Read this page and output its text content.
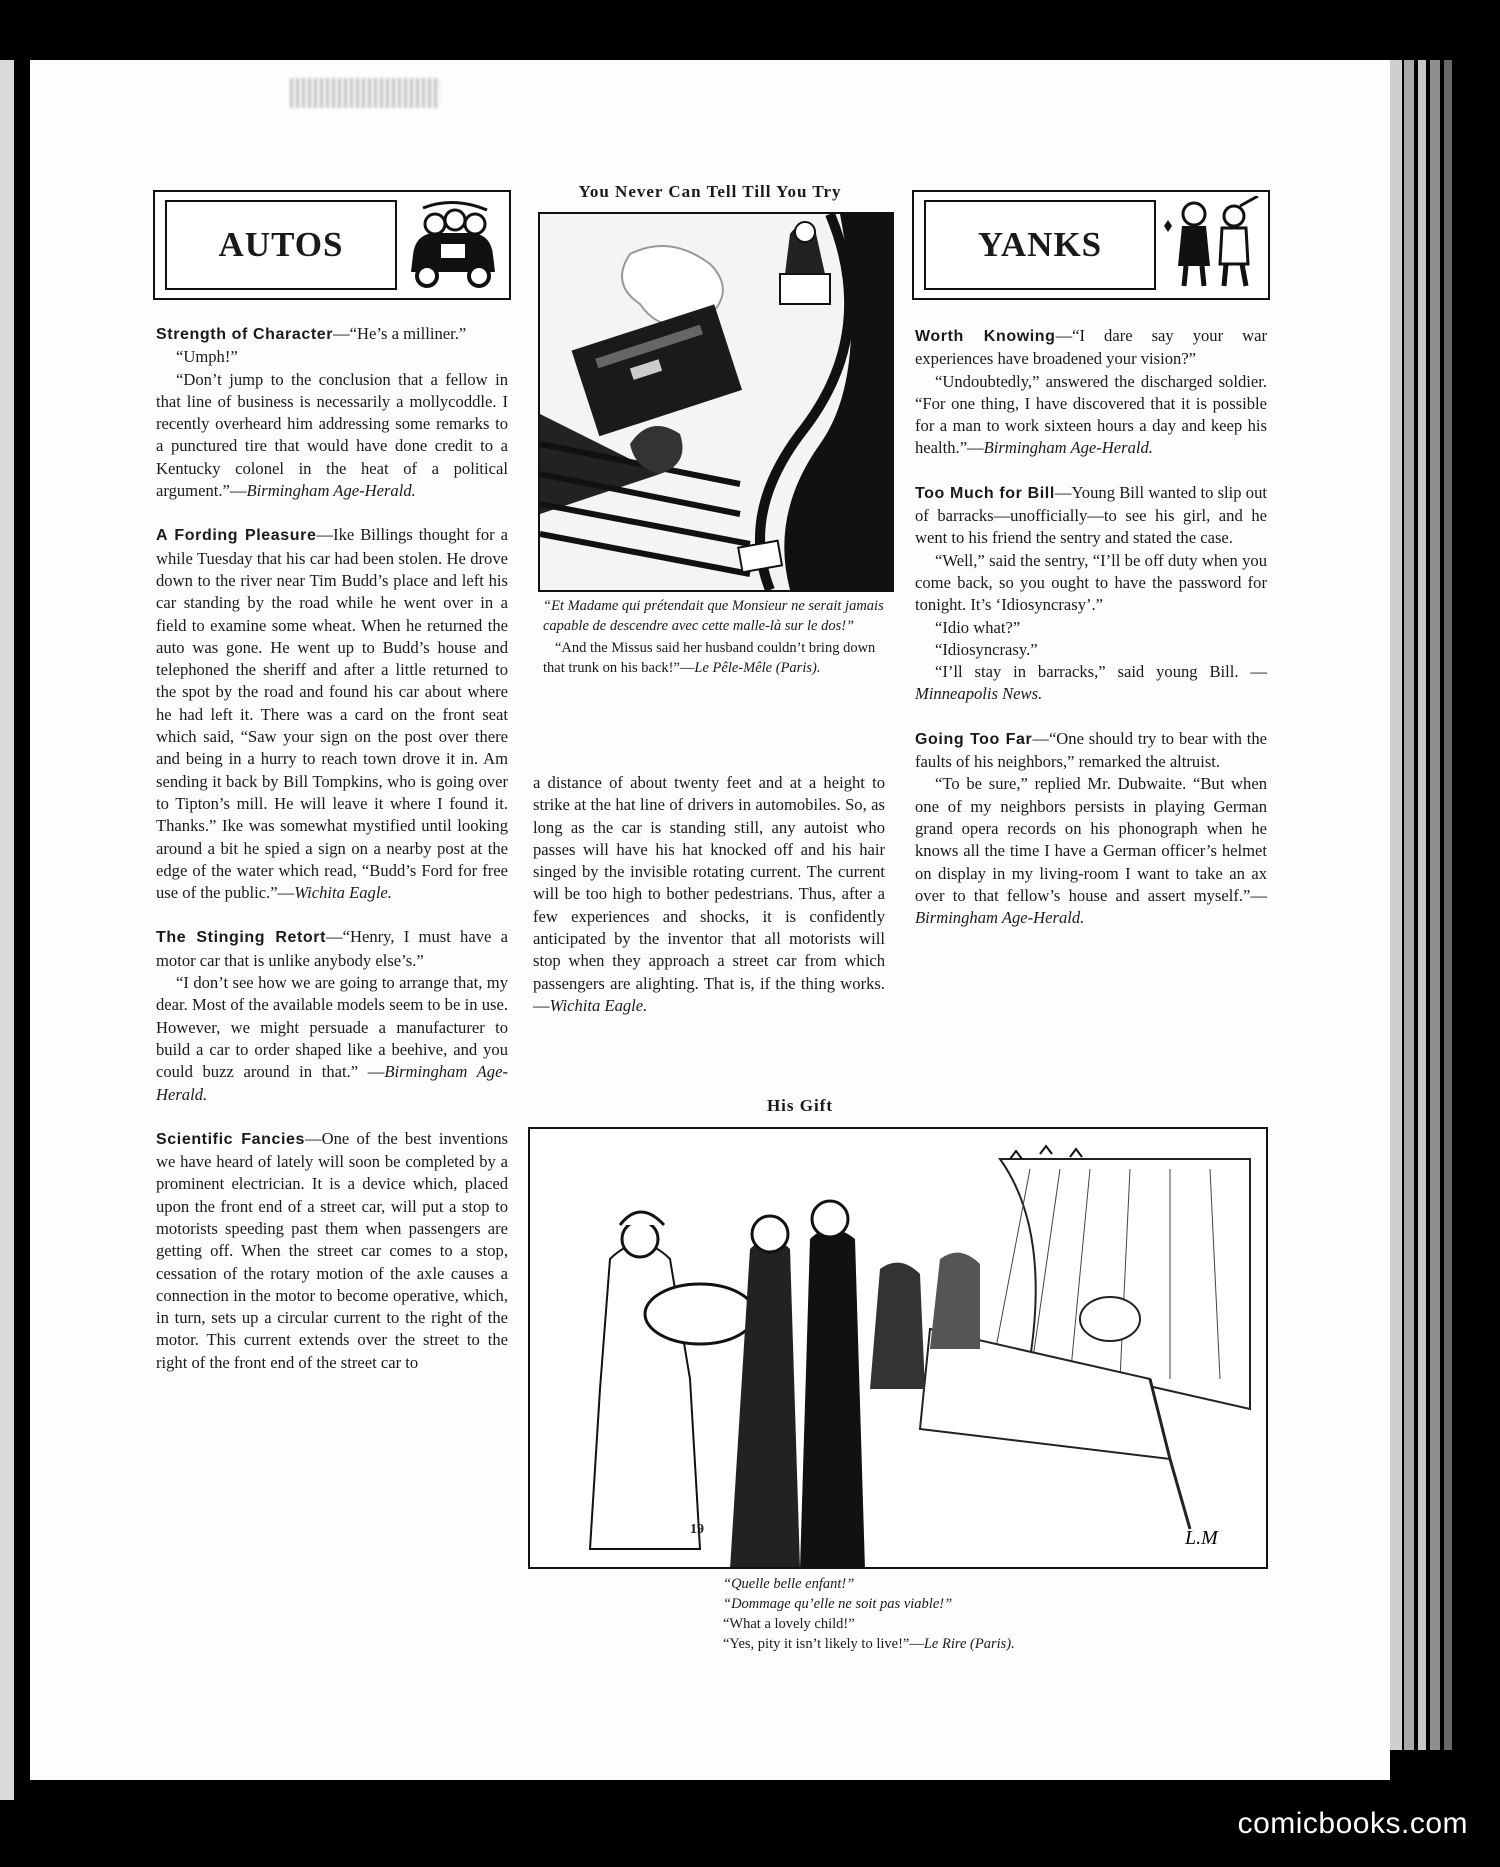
AUTOS

Strength of Character—“He’s a milliner.”

“Umph!”

“Don’t jump to the conclusion that a fellow in that line of business is necessarily a mollycoddle. I recently overheard him addressing some remarks to a punctured tire that would have done credit to a Kentucky colonel in the heat of a political argument.”—Birmingham Age-Herald.

A Fording Pleasure—Ike Billings thought for a while Tuesday that his car had been stolen. He drove down to the river near Tim Budd’s place and left his car standing by the road while he went over in a field to examine some wheat. When he returned the auto was gone. He went up to Budd’s house and telephoned the sheriff and after a little returned to the spot by the road and found his car about where he had left it. There was a card on the front seat which said, “Saw your sign on the post over there and being in a hurry to reach town drove it in. Am sending it back by Bill Tompkins, who is going over to Tipton’s mill. He will leave it where I found it. Thanks.” Ike was somewhat mystified until looking around a bit he spied a sign on a nearby post at the edge of the water which read, “Budd’s Ford for free use of the public.”—Wichita Eagle.

The Stinging Retort—“Henry, I must have a motor car that is unlike anybody else’s.”

“I don’t see how we are going to arrange that, my dear. Most of the available models seem to be in use. However, we might persuade a manufacturer to build a car to order shaped like a beehive, and you could buzz around in that.” —Birmingham Age-Herald.

Scientific Fancies—One of the best inventions we have heard of lately will soon be completed by a prominent electrician. It is a device which, placed upon the front end of a street car, will put a stop to motorists speeding past them when passengers are getting off. When the street car comes to a stop, cessation of the rotary motion of the axle causes a connection in the motor to become operative, which, in turn, sets up a circular current to the right of the motor. This current extends over the street to the right of the front end of the street car to

You Never Can Tell Till You Try
“Et Madame qui prétendait que Monsieur ne serait jamais capable de descendre avec cette malle-là sur le dos!”
“And the Missus said her husband couldn’t bring down that trunk on his back!”—Le Pêle-Mêle (Paris).

a distance of about twenty feet and at a height to strike at the hat line of drivers in automobiles. So, as long as the car is standing still, any autoist who passes will have his hat knocked off and his hair singed by the invisible rotating current. The current will be too high to bother pedestrians. Thus, after a few experiences and shocks, it is confidently anticipated by the inventor that all motorists will stop when they approach a street car from which passengers are alighting. That is, if the thing works.—Wichita Eagle.

YANKS

Worth Knowing—“I dare say your war experiences have broadened your vision?”

“Undoubtedly,” answered the discharged soldier. “For one thing, I have discovered that it is possible for a man to work sixteen hours a day and keep his health.”—Birmingham Age-Herald.

Too Much for Bill—Young Bill wanted to slip out of barracks—unofficially—to see his girl, and he went to his friend the sentry and stated the case.

“Well,” said the sentry, “I’ll be off duty when you come back, so you ought to have the password for tonight. It’s ‘Idiosyncrasy’.”

“Idio what?”

“Idiosyncrasy.”

“I’ll stay in barracks,” said young Bill. —Minneapolis News.

Going Too Far—“One should try to bear with the faults of his neighbors,” remarked the altruist.

“To be sure,” replied Mr. Dubwaite. “But when one of my neighbors persists in playing German grand opera records on his phonograph when he knows all the time I have a German officer’s helmet on display in my living-room I want to take an ax over to that fellow’s house and assert myself.”—Birmingham Age-Herald.

His Gift
L.M
“Quelle belle enfant!”
“Dommage qu’elle ne soit pas viable!”
“What a lovely child!”
“Yes, pity it isn’t likely to live!”—Le Rire (Paris).
19
comicbooks.com
